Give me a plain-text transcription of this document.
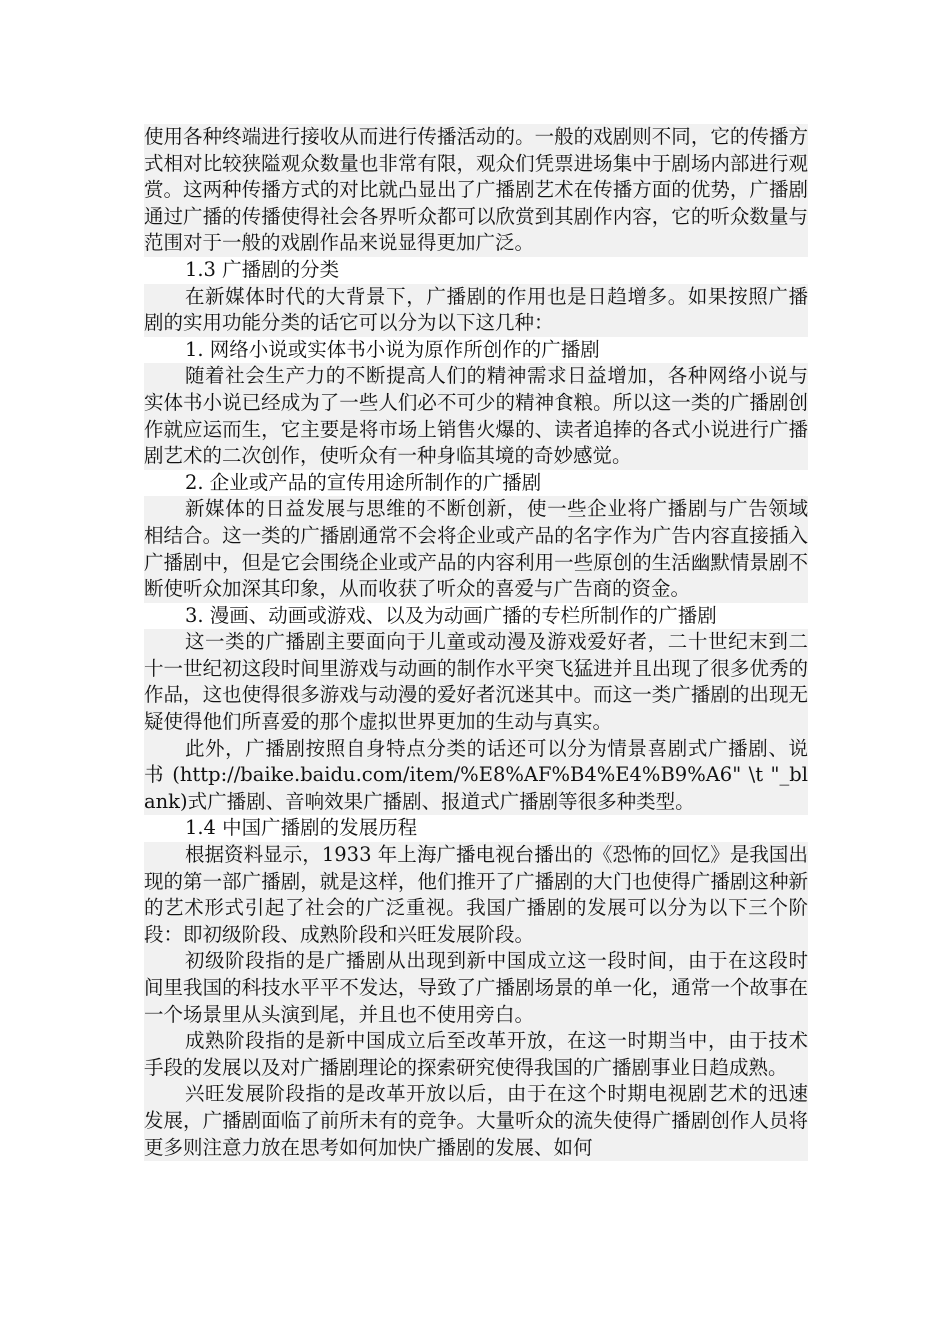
使用各种终端进行接收从而进行传播活动的。一般的戏剧则不同，它的传播方式相对比较狭隘观众数量也非常有限，观众们凭票进场集中于剧场内部进行观赏。这两种传播方式的对比就凸显出了广播剧艺术在传播方面的优势，广播剧通过广播的传播使得社会各界听众都可以欣赏到其剧作内容，它的听众数量与范围对于一般的戏剧作品来说显得更加广泛。

1.3 广播剧的分类

在新媒体时代的大背景下，广播剧的作用也是日趋增多。如果按照广播剧的实用功能分类的话它可以分为以下这几种：

1. 网络小说或实体书小说为原作所创作的广播剧

随着社会生产力的不断提高人们的精神需求日益增加，各种网络小说与实体书小说已经成为了一些人们必不可少的精神食粮。所以这一类的广播剧创作就应运而生，它主要是将市场上销售火爆的、读者追捧的各式小说进行广播剧艺术的二次创作，使听众有一种身临其境的奇妙感觉。

2. 企业或产品的宣传用途所制作的广播剧

新媒体的日益发展与思维的不断创新，使一些企业将广播剧与广告领域相结合。这一类的广播剧通常不会将企业或产品的名字作为广告内容直接插入广播剧中，但是它会围绕企业或产品的内容利用一些原创的生活幽默情景剧不断使听众加深其印象，从而收获了听众的喜爱与广告商的资金。

3. 漫画、动画或游戏、以及为动画广播的专栏所制作的广播剧

这一类的广播剧主要面向于儿童或动漫及游戏爱好者，二十世纪末到二十一世纪初这段时间里游戏与动画的制作水平突飞猛进并且出现了很多优秀的作品，这也使得很多游戏与动漫的爱好者沉迷其中。而这一类广播剧的出现无疑使得他们所喜爱的那个虚拟世界更加的生动与真实。

此外，广播剧按照自身特点分类的话还可以分为情景喜剧式广播剧、说书 (http://baike.baidu.com/item/%E8%AF%B4%E4%B9%A6" \t "_blank)式广播剧、音响效果广播剧、报道式广播剧等很多种类型。

1.4 中国广播剧的发展历程

根据资料显示，1933 年上海广播电视台播出的《恐怖的回忆》是我国出现的第一部广播剧，就是这样，他们推开了广播剧的大门也使得广播剧这种新的艺术形式引起了社会的广泛重视。我国广播剧的发展可以分为以下三个阶段：即初级阶段、成熟阶段和兴旺发展阶段。

初级阶段指的是广播剧从出现到新中国成立这一段时间，由于在这段时间里我国的科技水平平不发达，导致了广播剧场景的单一化，通常一个故事在一个场景里从头演到尾，并且也不使用旁白。

成熟阶段指的是新中国成立后至改革开放，在这一时期当中，由于技术手段的发展以及对广播剧理论的探索研究使得我国的广播剧事业日趋成熟。

兴旺发展阶段指的是改革开放以后，由于在这个时期电视剧艺术的迅速发展，广播剧面临了前所未有的竞争。大量听众的流失使得广播剧创作人员将更多则注意力放在思考如何加快广播剧的发展、如何
